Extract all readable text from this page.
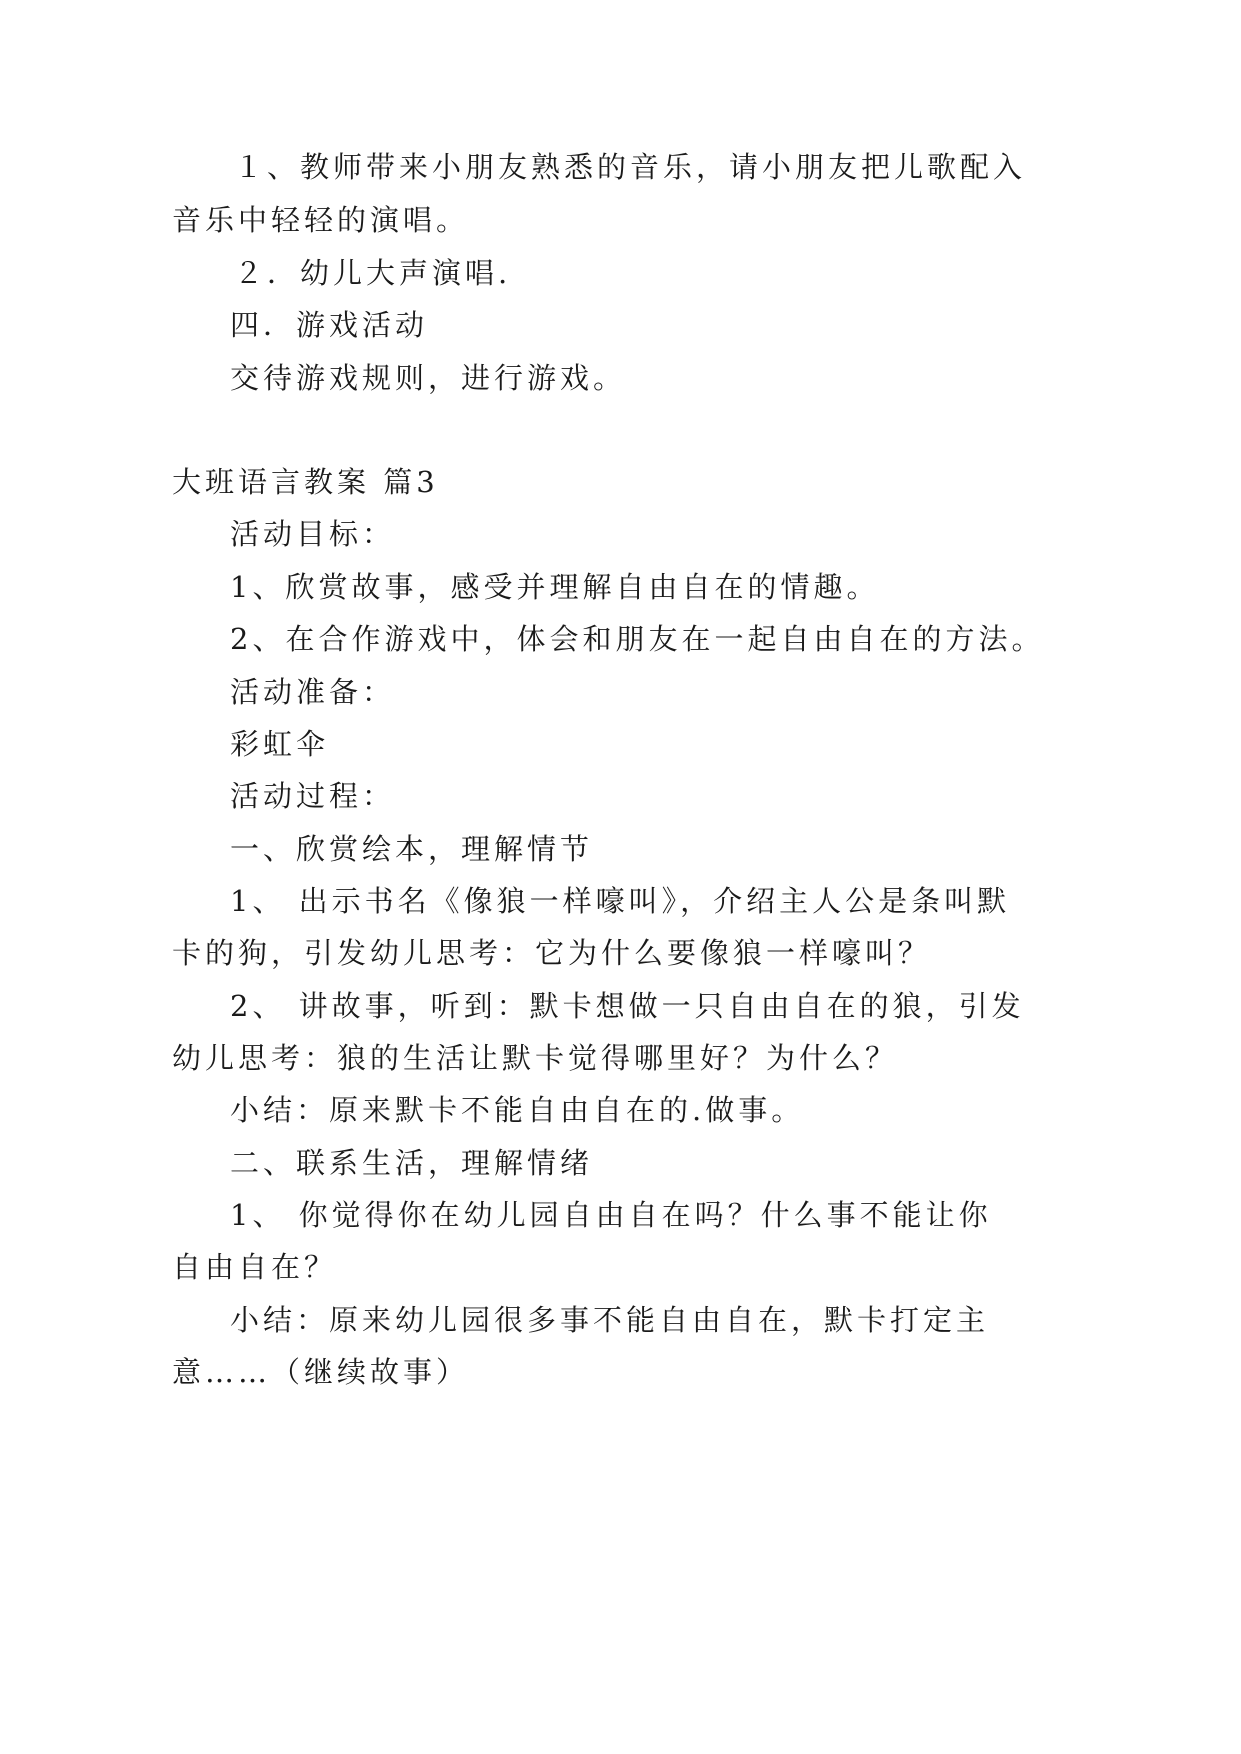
１、教师带来小朋友熟悉的音乐，请小朋友把儿歌配入

音乐中轻轻的演唱。

２．幼儿大声演唱.

四．游戏活动

交待游戏规则，进行游戏。

大班语言教案 篇3

活动目标：

1、欣赏故事，感受并理解自由自在的情趣。

2、在合作游戏中，体会和朋友在一起自由自在的方法。

活动准备：

彩虹伞

活动过程：

一、欣赏绘本，理解情节

1、 出示书名《像狼一样嚎叫》，介绍主人公是条叫默

卡的狗，引发幼儿思考：它为什么要像狼一样嚎叫？

2、 讲故事，听到：默卡想做一只自由自在的狼，引发

幼儿思考：狼的生活让默卡觉得哪里好？为什么？

小结：原来默卡不能自由自在的.做事。

二、联系生活，理解情绪

1、 你觉得你在幼儿园自由自在吗？什么事不能让你

自由自在？

小结：原来幼儿园很多事不能自由自在，默卡打定主

意……（继续故事）
